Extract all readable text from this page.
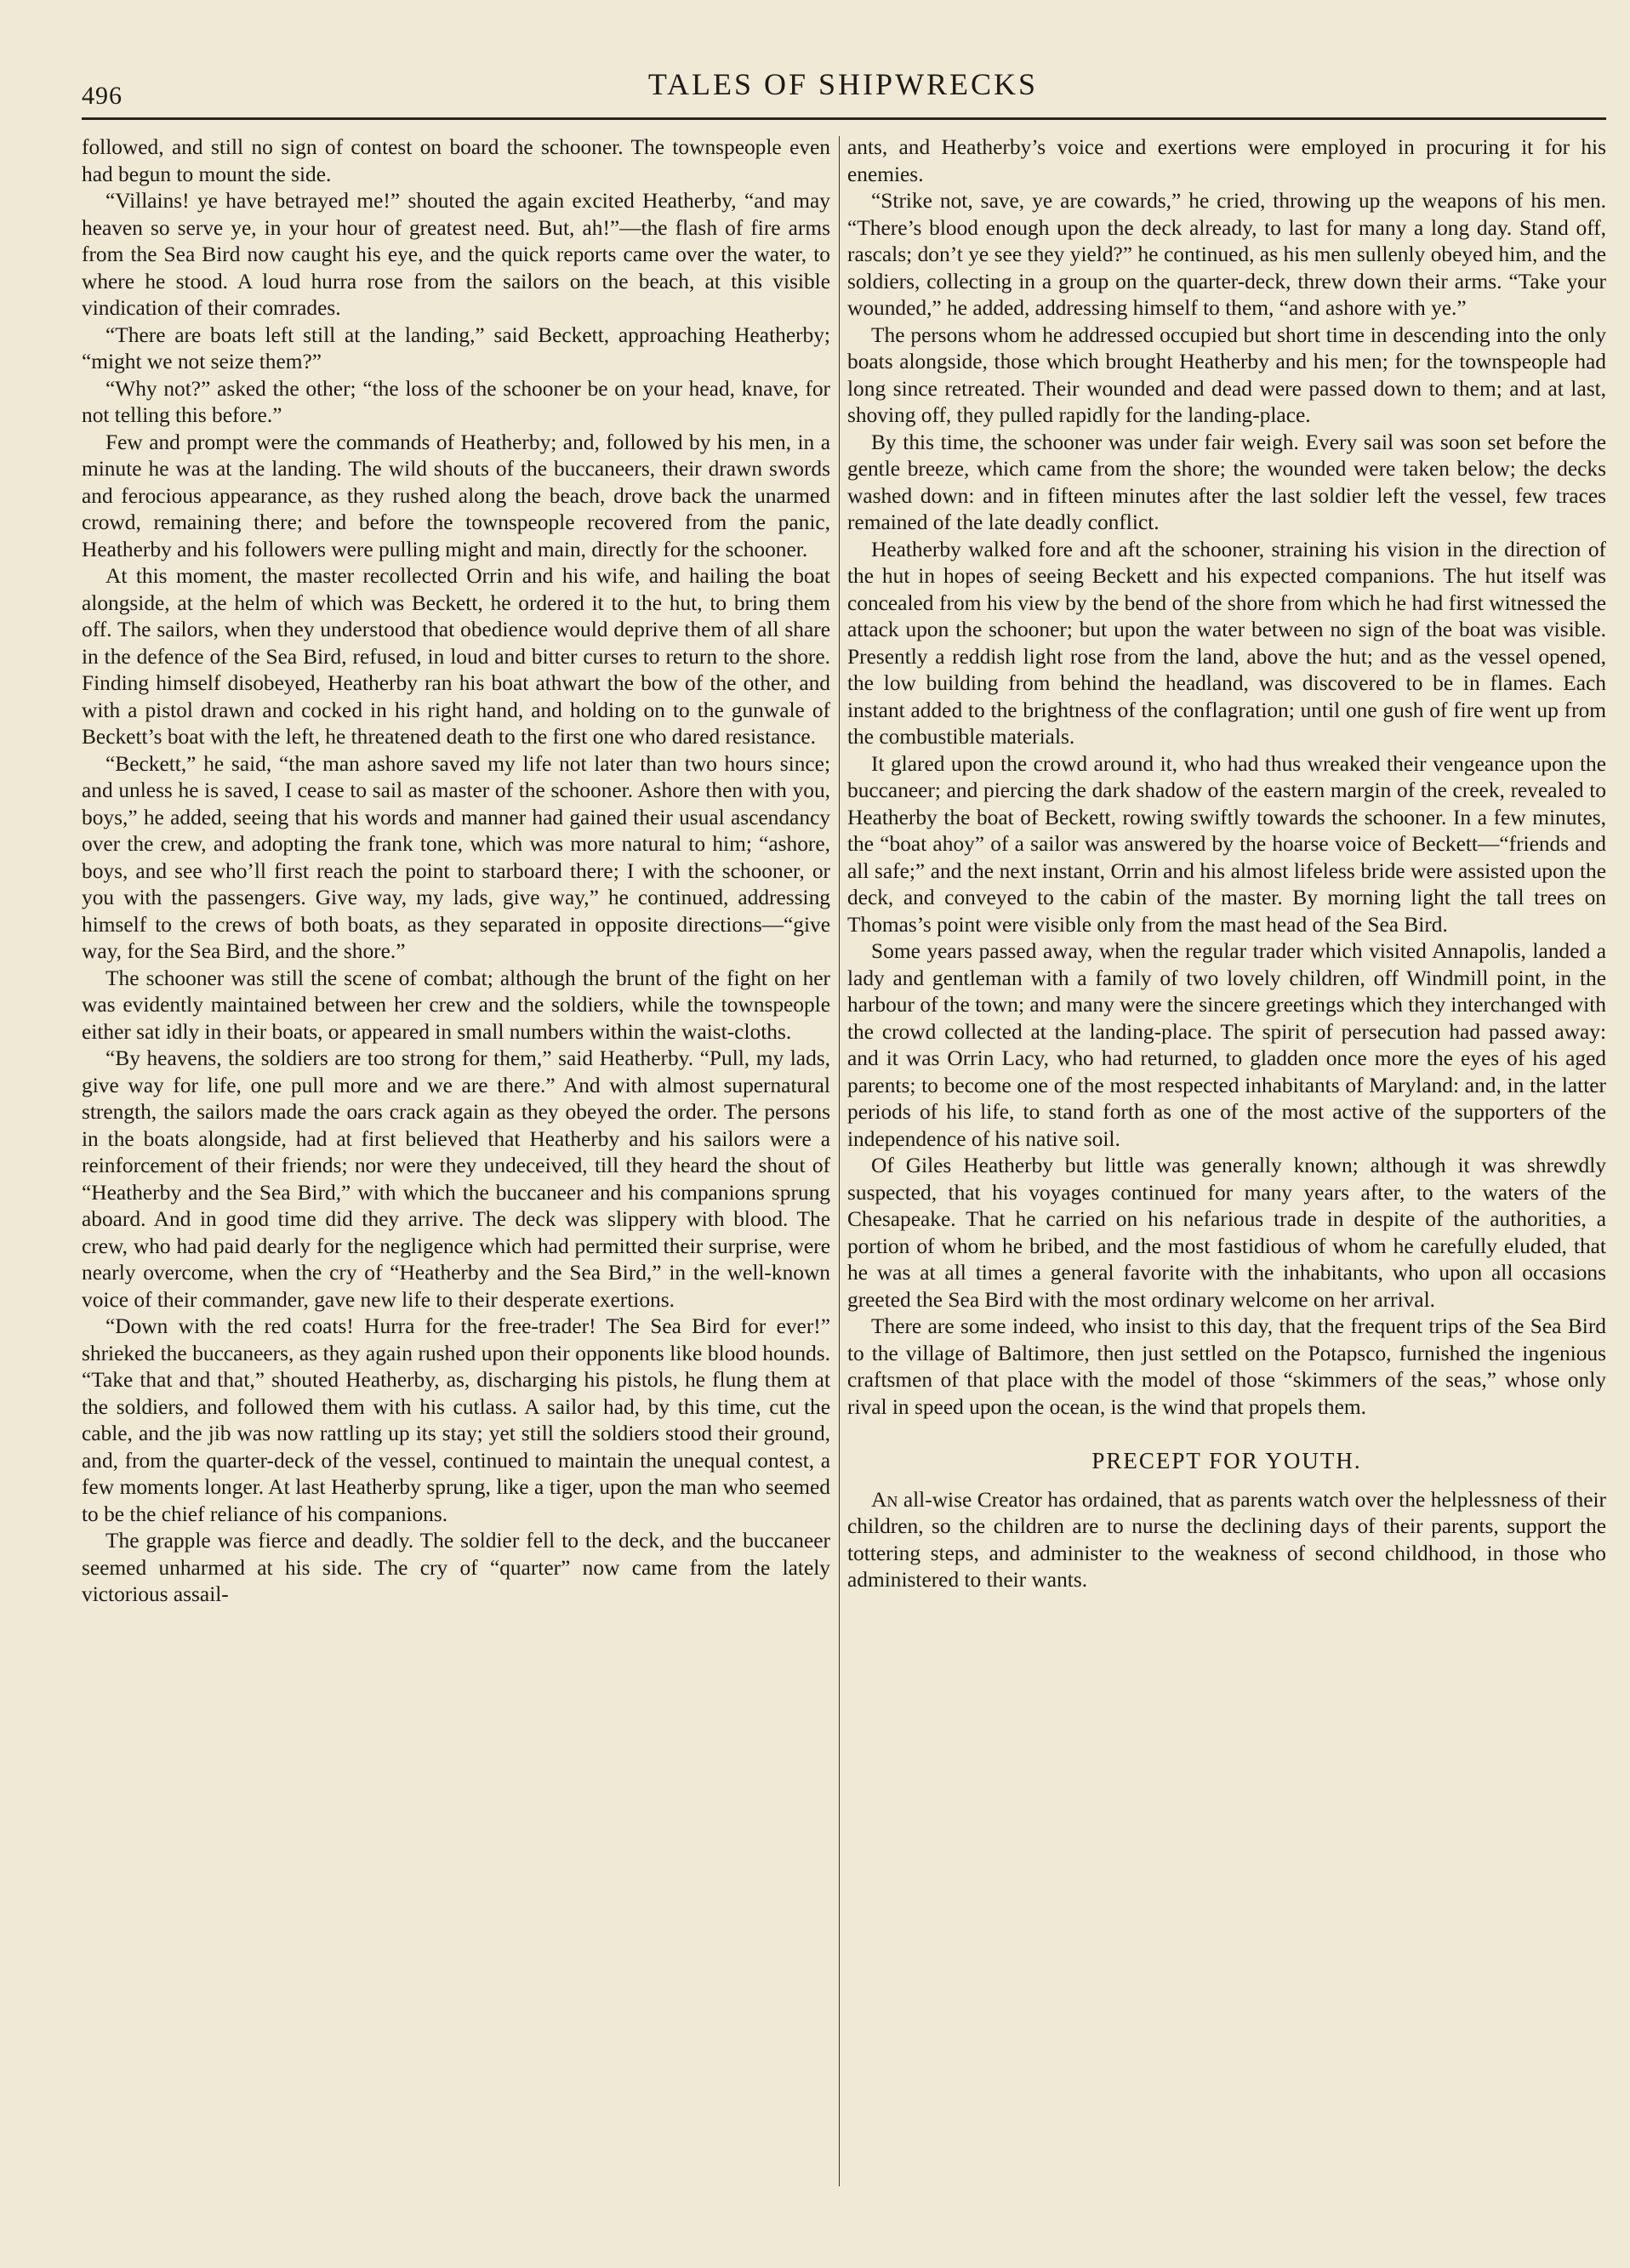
496	TALES OF SHIPWRECKS

followed, and still no sign of contest on board the schooner. The townspeople even had begun to mount the side.

“Villains! ye have betrayed me!” shouted the again excited Heatherby, “and may heaven so serve ye, in your hour of greatest need. But, ah!”—the flash of fire arms from the Sea Bird now caught his eye, and the quick reports came over the water, to where he stood. A loud hurra rose from the sailors on the beach, at this visible vindication of their comrades.

“There are boats left still at the landing,” said Beckett, approaching Heatherby; “might we not seize them?”

“Why not?” asked the other; “the loss of the schooner be on your head, knave, for not telling this before.”

Few and prompt were the commands of Heatherby; and, followed by his men, in a minute he was at the landing. The wild shouts of the buccaneers, their drawn swords and ferocious appearance, as they rushed along the beach, drove back the unarmed crowd, remaining there; and before the townspeople recovered from the panic, Heatherby and his followers were pulling might and main, directly for the schooner.

At this moment, the master recollected Orrin and his wife, and hailing the boat alongside, at the helm of which was Beckett, he ordered it to the hut, to bring them off. The sailors, when they understood that obedience would deprive them of all share in the defence of the Sea Bird, refused, in loud and bitter curses to return to the shore. Finding himself disobeyed, Heatherby ran his boat athwart the bow of the other, and with a pistol drawn and cocked in his right hand, and holding on to the gunwale of Beckett’s boat with the left, he threatened death to the first one who dared resistance.

“Beckett,” he said, “the man ashore saved my life not later than two hours since; and unless he is saved, I cease to sail as master of the schooner. Ashore then with you, boys,” he added, seeing that his words and manner had gained their usual ascendancy over the crew, and adopting the frank tone, which was more natural to him; “ashore, boys, and see who’ll first reach the point to starboard there; I with the schooner, or you with the passengers. Give way, my lads, give way,” he continued, addressing himself to the crews of both boats, as they separated in opposite directions—“give way, for the Sea Bird, and the shore.”

The schooner was still the scene of combat; although the brunt of the fight on her was evidently maintained between her crew and the soldiers, while the townspeople either sat idly in their boats, or appeared in small numbers within the waist-cloths.

“By heavens, the soldiers are too strong for them,” said Heatherby. “Pull, my lads, give way for life, one pull more and we are there.” And with almost supernatural strength, the sailors made the oars crack again as they obeyed the order. The persons in the boats alongside, had at first believed that Heatherby and his sailors were a reinforcement of their friends; nor were they undeceived, till they heard the shout of “Heatherby and the Sea Bird,” with which the buccaneer and his companions sprung aboard. And in good time did they arrive. The deck was slippery with blood. The crew, who had paid dearly for the negligence which had permitted their surprise, were nearly overcome, when the cry of “Heatherby and the Sea Bird,” in the well-known voice of their commander, gave new life to their desperate exertions.

“Down with the red coats! Hurra for the free-trader! The Sea Bird for ever!” shrieked the buccaneers, as they again rushed upon their opponents like blood hounds. “Take that and that,” shouted Heatherby, as, discharging his pistols, he flung them at the soldiers, and followed them with his cutlass. A sailor had, by this time, cut the cable, and the jib was now rattling up its stay; yet still the soldiers stood their ground, and, from the quarter-deck of the vessel, continued to maintain the unequal contest, a few moments longer. At last Heatherby sprung, like a tiger, upon the man who seemed to be the chief reliance of his companions.

The grapple was fierce and deadly. The soldier fell to the deck, and the buccaneer seemed unharmed at his side. The cry of “quarter” now came from the lately victorious assail-

ants, and Heatherby’s voice and exertions were employed in procuring it for his enemies.

“Strike not, save, ye are cowards,” he cried, throwing up the weapons of his men. “There’s blood enough upon the deck already, to last for many a long day. Stand off, rascals; don’t ye see they yield?” he continued, as his men sullenly obeyed him, and the soldiers, collecting in a group on the quarter-deck, threw down their arms. “Take your wounded,” he added, addressing himself to them, “and ashore with ye.”

The persons whom he addressed occupied but short time in descending into the only boats alongside, those which brought Heatherby and his men; for the townspeople had long since retreated. Their wounded and dead were passed down to them; and at last, shoving off, they pulled rapidly for the landing-place.

By this time, the schooner was under fair weigh. Every sail was soon set before the gentle breeze, which came from the shore; the wounded were taken below; the decks washed down: and in fifteen minutes after the last soldier left the vessel, few traces remained of the late deadly conflict.

Heatherby walked fore and aft the schooner, straining his vision in the direction of the hut in hopes of seeing Beckett and his expected companions. The hut itself was concealed from his view by the bend of the shore from which he had first witnessed the attack upon the schooner; but upon the water between no sign of the boat was visible. Presently a reddish light rose from the land, above the hut; and as the vessel opened, the low building from behind the headland, was discovered to be in flames. Each instant added to the brightness of the conflagration; until one gush of fire went up from the combustible materials.

It glared upon the crowd around it, who had thus wreaked their vengeance upon the buccaneer; and piercing the dark shadow of the eastern margin of the creek, revealed to Heatherby the boat of Beckett, rowing swiftly towards the schooner. In a few minutes, the “boat ahoy” of a sailor was answered by the hoarse voice of Beckett—“friends and all safe;” and the next instant, Orrin and his almost lifeless bride were assisted upon the deck, and conveyed to the cabin of the master. By morning light the tall trees on Thomas’s point were visible only from the mast head of the Sea Bird.

Some years passed away, when the regular trader which visited Annapolis, landed a lady and gentleman with a family of two lovely children, off Windmill point, in the harbour of the town; and many were the sincere greetings which they interchanged with the crowd collected at the landing-place. The spirit of persecution had passed away: and it was Orrin Lacy, who had returned, to gladden once more the eyes of his aged parents; to become one of the most respected inhabitants of Maryland: and, in the latter periods of his life, to stand forth as one of the most active of the supporters of the independence of his native soil.

Of Giles Heatherby but little was generally known; although it was shrewdly suspected, that his voyages continued for many years after, to the waters of the Chesapeake. That he carried on his nefarious trade in despite of the authorities, a portion of whom he bribed, and the most fastidious of whom he carefully eluded, that he was at all times a general favorite with the inhabitants, who upon all occasions greeted the Sea Bird with the most ordinary welcome on her arrival.

There are some indeed, who insist to this day, that the frequent trips of the Sea Bird to the village of Baltimore, then just settled on the Potapsco, furnished the ingenious craftsmen of that place with the model of those “skimmers of the seas,” whose only rival in speed upon the ocean, is the wind that propels them.

PRECEPT FOR YOUTH.

An all-wise Creator has ordained, that as parents watch over the helplessness of their children, so the children are to nurse the declining days of their parents, support the tottering steps, and administer to the weakness of second childhood, in those who administered to their wants.
